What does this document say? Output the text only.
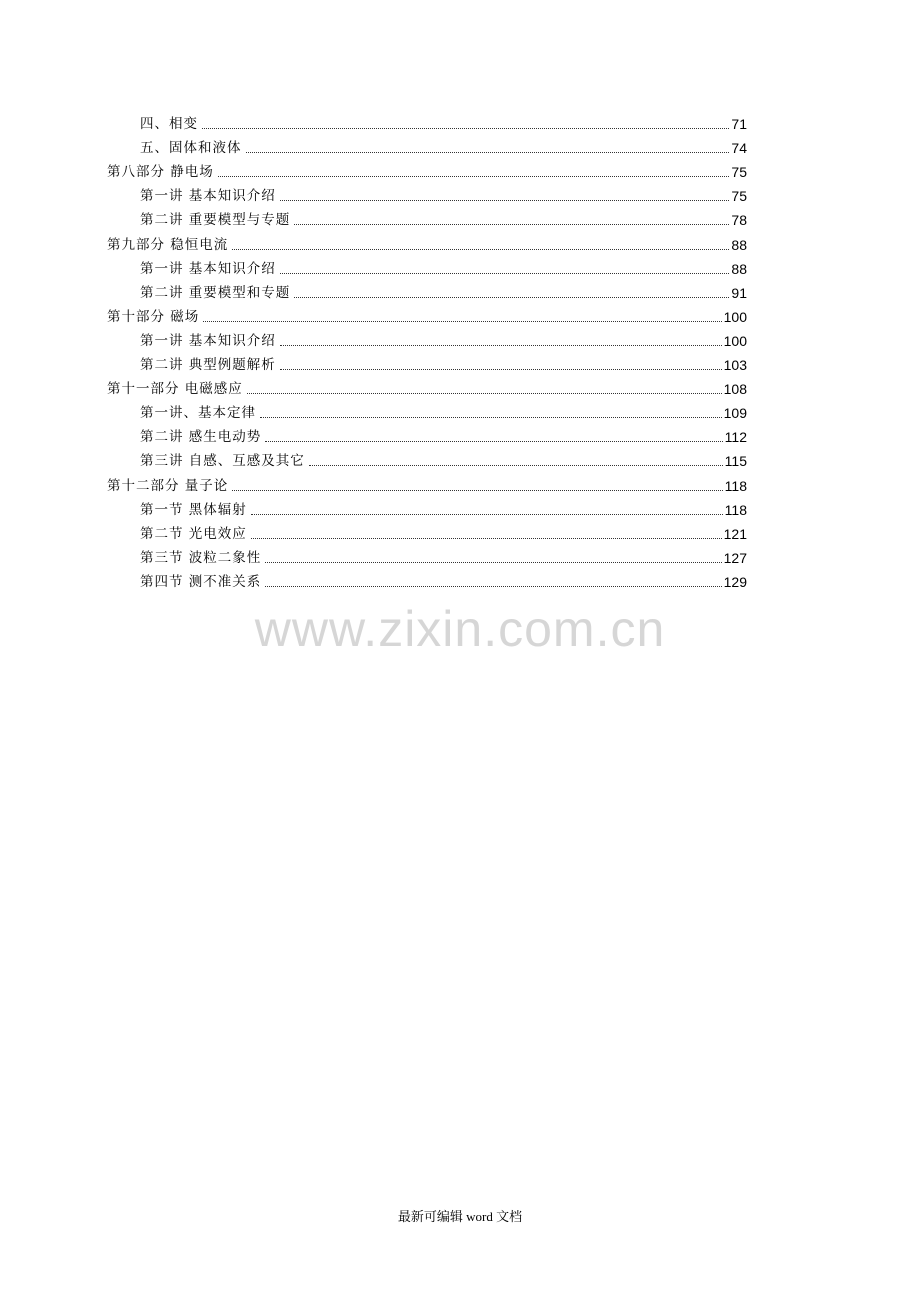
四、相变	71
五、固体和液体	74
第八部分 静电场	75
第一讲 基本知识介绍	75
第二讲 重要模型与专题	78
第九部分 稳恒电流	88
第一讲 基本知识介绍	88
第二讲 重要模型和专题	91
第十部分 磁场	100
第一讲 基本知识介绍	100
第二讲 典型例题解析	103
第十一部分 电磁感应	108
第一讲、基本定律	109
第二讲 感生电动势	112
第三讲 自感、互感及其它	115
第十二部分 量子论	118
第一节 黑体辐射	118
第二节 光电效应	121
第三节 波粒二象性	127
第四节 测不准关系	129
www.zixin.com.cn
最新可编辑 word 文档
